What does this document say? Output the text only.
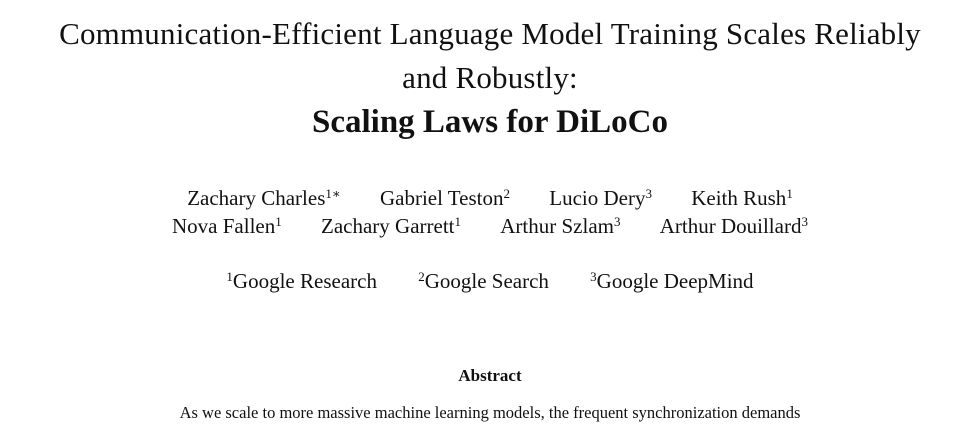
Communication-Efficient Language Model Training Scales Reliably
and Robustly:
Scaling Laws for DiLoCo
Zachary Charles$^{1∗}$ Gabriel Teston$^2$ Lucio Dery$^3$ Keith Rush$^1$
Nova Fallen$^1$ Zachary Garrett$^1$ Arthur Szlam$^3$ Arthur Douillard$^3$
$^1$Google Research	$^2$Google Search	$^3$Google DeepMind
Abstract
As we scale to more massive machine learning models, the frequent synchronization demands
